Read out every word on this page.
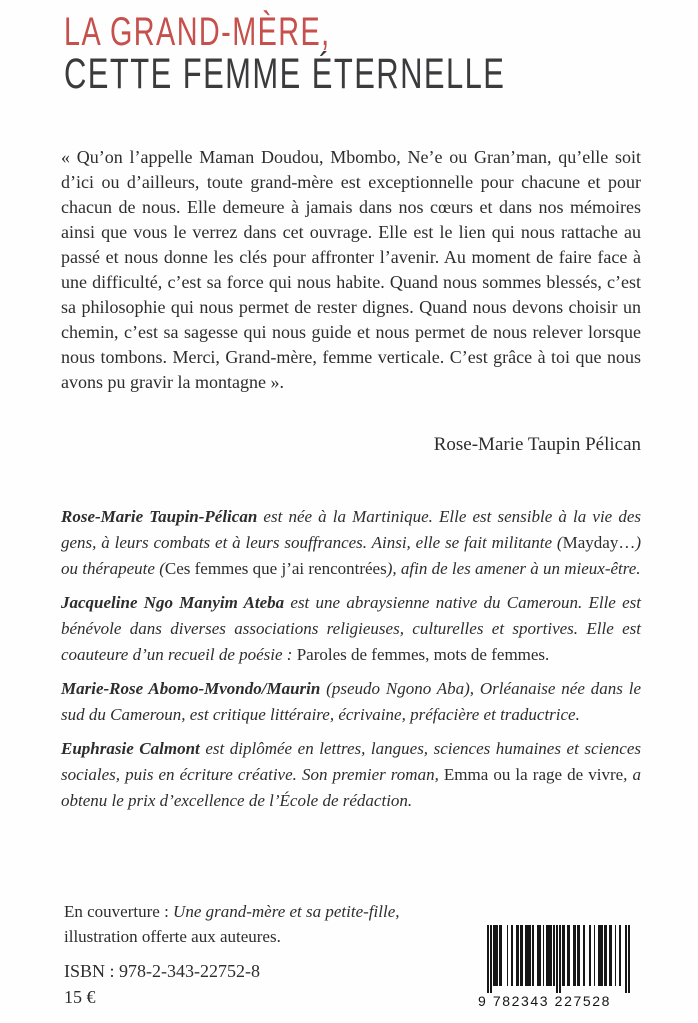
LA GRAND-MÈRE,
CETTE FEMME ÉTERNELLE

« Qu’on l’appelle Maman Doudou, Mbombo, Ne’e ou Gran’man, qu’elle soit d’ici ou d’ailleurs, toute grand-mère est exceptionnelle pour chacune et pour chacun de nous. Elle demeure à jamais dans nos cœurs et dans nos mémoires ainsi que vous le verrez dans cet ouvrage. Elle est le lien qui nous rattache au passé et nous donne les clés pour affronter l’avenir. Au moment de faire face à une difficulté, c’est sa force qui nous habite. Quand nous sommes blessés, c’est sa philosophie qui nous permet de rester dignes. Quand nous devons choisir un chemin, c’est sa sagesse qui nous guide et nous permet de nous relever lorsque nous tombons. Merci, Grand-mère, femme verticale. C’est grâce à toi que nous avons pu gravir la montagne ».

Rose-Marie Taupin Pélican

Rose-Marie Taupin-Pélican est née à la Martinique. Elle est sensible à la vie des gens, à leurs combats et à leurs souffrances. Ainsi, elle se fait militante (Mayday…) ou thérapeute (Ces femmes que j’ai rencontrées), afin de les amener à un mieux-être.

Jacqueline Ngo Manyim Ateba est une abraysienne native du Cameroun. Elle est bénévole dans diverses associations religieuses, culturelles et sportives. Elle est coauteure d’un recueil de poésie : Paroles de femmes, mots de femmes.

Marie-Rose Abomo-Mvondo/Maurin (pseudo Ngono Aba), Orléanaise née dans le sud du Cameroun, est critique littéraire, écrivaine, préfacière et traductrice.

Euphrasie Calmont est diplômée en lettres, langues, sciences humaines et sciences sociales, puis en écriture créative. Son premier roman, Emma ou la rage de vivre, a obtenu le prix d’excellence de l’École de rédaction.

En couverture : Une grand-mère et sa petite-fille,

illustration offerte aux auteures.

ISBN : 978-2-343-22752-8

15 €	9 782343 227528
